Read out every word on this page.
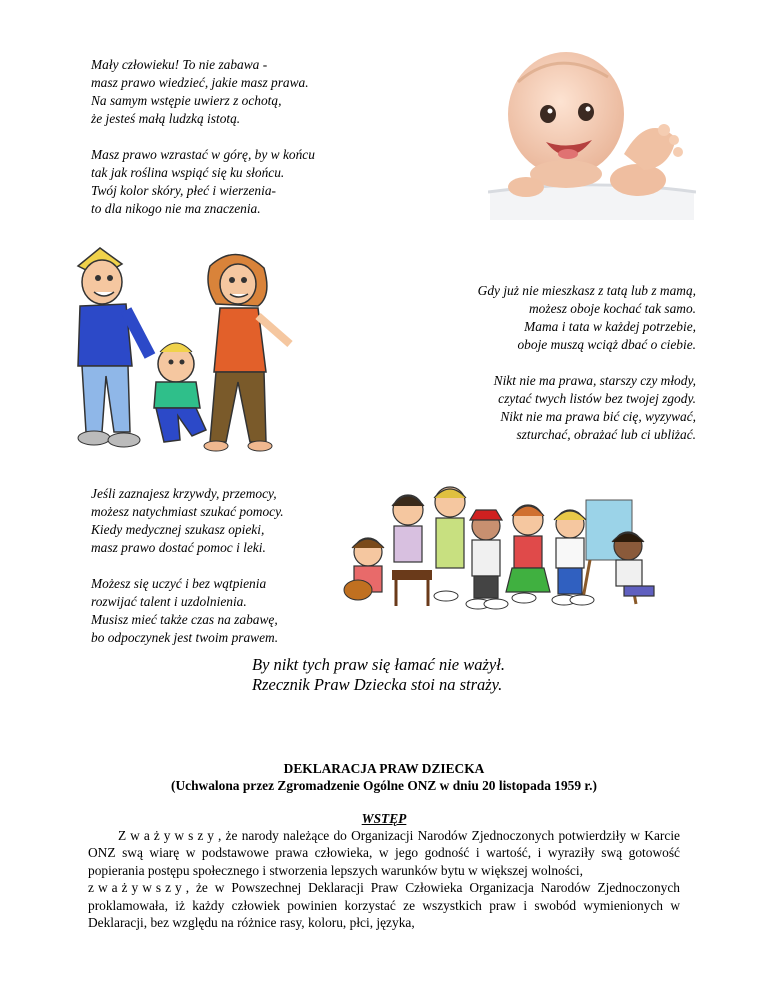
Mały człowieku! To nie zabawa -
masz prawo wiedzieć, jakie masz prawa.
Na samym wstępie uwierz z ochotą,
że jesteś małą ludzką istotą.
Masz prawo wzrastać w górę, by w końcu
tak jak roślina wspiąć się ku słońcu.
Twój kolor skóry, płeć i wierzenia-
to dla nikogo nie ma znaczenia.
Gdy już nie mieszkasz z tatą lub z mamą,
możesz oboje kochać tak samo.
Mama i tata w każdej potrzebie,
oboje muszą wciąż dbać o ciebie.
Nikt nie ma prawa, starszy czy młody,
czytać twych listów bez twojej zgody.
Nikt nie ma prawa bić cię, wyzywać,
szturchać, obrażać lub ci ubliżać.
Jeśli zaznajesz krzywdy, przemocy,
możesz natychmiast szukać pomocy.
Kiedy medycznej szukasz opieki,
masz prawo dostać pomoc i leki.
Możesz się uczyć i bez wątpienia
rozwijać talent i uzdolnienia.
Musisz mieć także czas na zabawę,
bo odpoczynek jest twoim prawem.
By nikt tych praw się łamać nie ważył.
Rzecznik Praw Dziecka stoi na straży.
DEKLARACJA PRAW DZIECKA
(Uchwalona przez Zgromadzenie Ogólne ONZ w dniu 20 listopada 1959 r.)
WSTĘP

Zważywszy, że narody należące do Organizacji Narodów Zjednoczonych potwierdziły w Karcie ONZ swą wiarę w podstawowe prawa człowieka, w jego godność i wartość, i wyraziły swą gotowość popierania postępu społecznego i stworzenia lepszych warunków bytu w większej wolności,

zważywszy, że w Powszechnej Deklaracji Praw Człowieka Organizacja Narodów Zjednoczonych proklamowała, iż każdy człowiek powinien korzystać ze wszystkich praw i swobód wymienionych w Deklaracji, bez względu na różnice rasy, koloru, płci, języka,
